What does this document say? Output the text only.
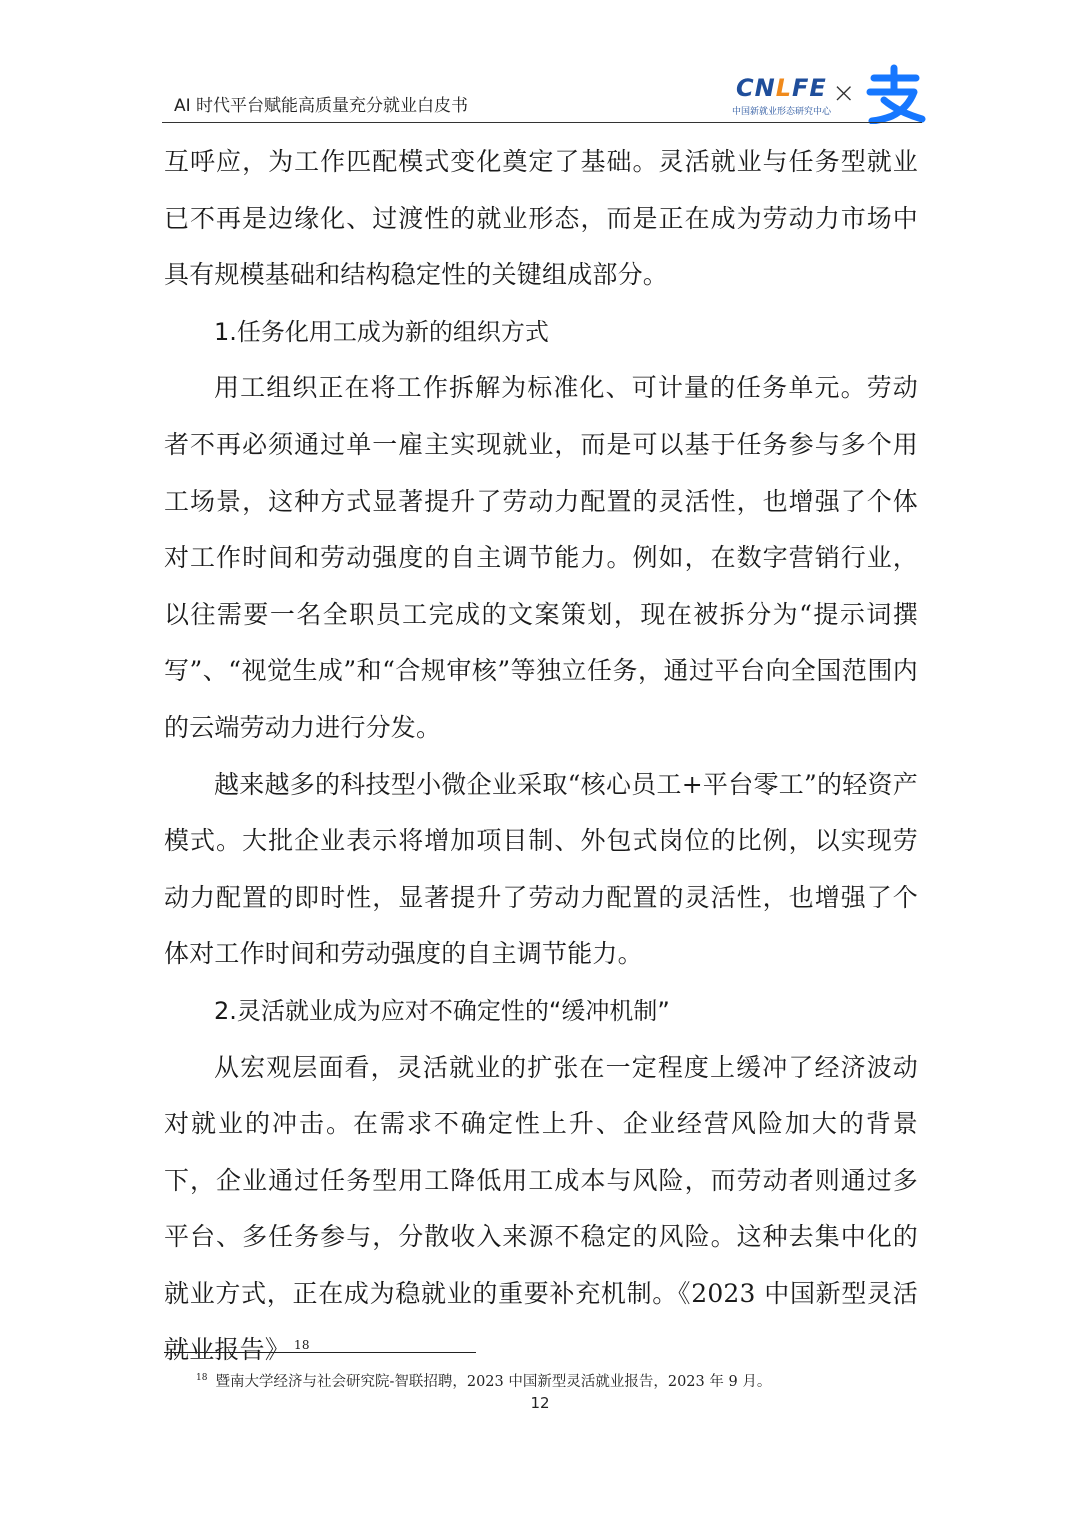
AI 时代平台赋能高质量充分就业白皮书
CNLFE
中国新就业形态研究中心
×

互呼应，为工作匹配模式变化奠定了基础。灵活就业与任务型就业已不再是边缘化、过渡性的就业形态，而是正在成为劳动力市场中具有规模基础和结构稳定性的关键组成部分。

1.任务化用工成为新的组织方式

用工组织正在将工作拆解为标准化、可计量的任务单元。劳动者不再必须通过单一雇主实现就业，而是可以基于任务参与多个用工场景，这种方式显著提升了劳动力配置的灵活性，也增强了个体对工作时间和劳动强度的自主调节能力。例如，在数字营销行业，以往需要一名全职员工完成的文案策划，现在被拆分为“提示词撰写”、“视觉生成”和“合规审核”等独立任务，通过平台向全国范围内的云端劳动力进行分发。

越来越多的科技型小微企业采取“核心员工+平台零工”的轻资产模式。大批企业表示将增加项目制、外包式岗位的比例，以实现劳动力配置的即时性，显著提升了劳动力配置的灵活性，也增强了个体对工作时间和劳动强度的自主调节能力。

2.灵活就业成为应对不确定性的“缓冲机制”

从宏观层面看，灵活就业的扩张在一定程度上缓冲了经济波动对就业的冲击。在需求不确定性上升、企业经营风险加大的背景下，企业通过任务型用工降低用工成本与风险，而劳动者则通过多平台、多任务参与，分散收入来源不稳定的风险。这种去集中化的就业方式，正在成为稳就业的重要补充机制。《2023 中国新型灵活就业报告》 $^{18}$

$^{18}$ 暨南大学经济与社会研究院-智联招聘，2023 中国新型灵活就业报告，2023 年 9 月。
12
